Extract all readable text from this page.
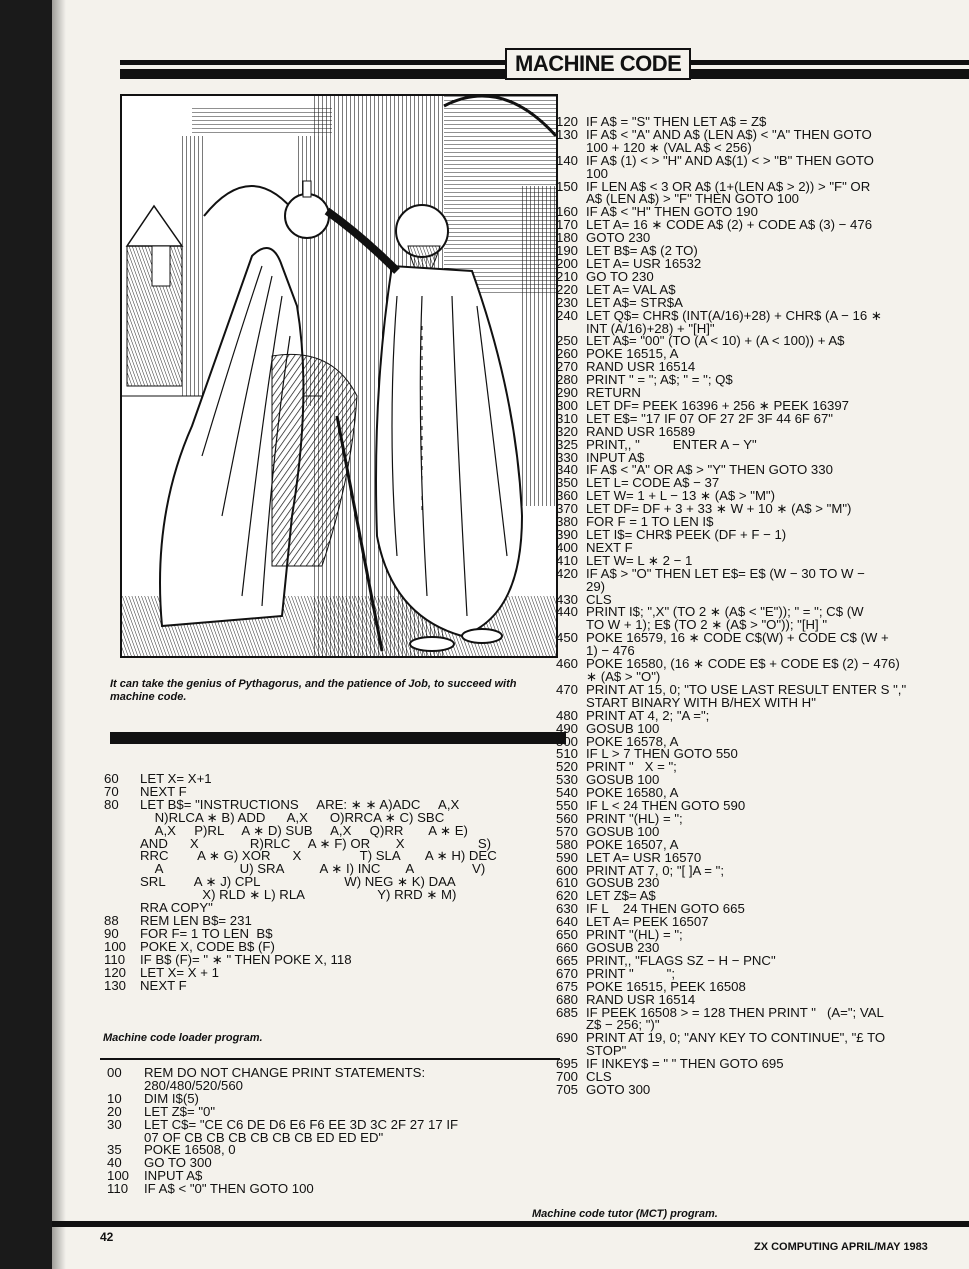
MACHINE CODE
It can take the genius of Pythagorus, and the patience of Job, to succeed with machine code.
60	LET X= X+1
70	NEXT F
80	LET B$= "INSTRUCTIONS     ARE: ∗ ∗ A)ADC     A,X
N)RLCA ∗ B) ADD      A,X      O)RRCA ∗ C) SBC
A,X     P)RL     A ∗ D) SUB     A,X     Q)RR       A ∗ E)
AND      X              R)RLC     A ∗ F) OR       X                    S)
RRC        A ∗ G) XOR      X                T) SLA       A ∗ H) DEC
A                     U) SRA          A ∗ I) INC       A                V)
SRL        A ∗ J) CPL                       W) NEG ∗ K) DAA
X) RLD ∗ L) RLA                    Y) RRD ∗ M)
RRA COPY"
88	REM LEN B$= 231
90	FOR F= 1 TO LEN  B$
100	POKE X, CODE B$ (F)
110	IF B$ (F)= " ∗ " THEN POKE X, 118
120	LET X= X + 1
130	NEXT F
Machine code loader program.
00	REM DO NOT CHANGE PRINT STATEMENTS:
280/480/520/560
10	DIM I$(5)
20	LET Z$= "0"
30	LET C$= "CE C6 DE D6 E6 F6 EE 3D 3C 2F 27 17 IF
07 OF CB CB CB CB CB CB ED ED ED"
35	POKE 16508, 0
40	GO TO 300
100	INPUT A$
110	IF A$ < "0" THEN GOTO 100
120 IF A$ = "S" THEN LET A$ = Z$
130 IF A$ < "A" AND A$ (LEN A$) < "A" THEN GOTO
100 + 120 ∗ (VAL A$ < 256)
140 IF A$ (1) < > "H" AND A$(1) < > "B" THEN GOTO
100
150 IF LEN A$ < 3 OR A$ (1+(LEN A$ > 2)) > "F" OR
A$ (LEN A$) > "F" THEN GOTO 100
160 IF A$ < "H" THEN GOTO 190
170 LET A= 16 ∗ CODE A$ (2) + CODE A$ (3) − 476
180 GOTO 230
190 LET B$= A$ (2 TO)
200 LET A= USR 16532
210 GO TO 230
220 LET A= VAL A$
230 LET A$= STR$A
240 LET Q$= CHR$ (INT(A/16)+28) + CHR$ (A − 16 ∗
INT (A/16)+28) + "[H]"
250 LET A$= "00" (TO (A < 10) + (A < 100)) + A$
260 POKE 16515, A
270 RAND USR 16514
280 PRINT " = "; A$; " = "; Q$
290 RETURN
300 LET DF= PEEK 16396 + 256 ∗ PEEK 16397
310 LET E$= "17 IF 07 OF 27 2F 3F 44 6F 67"
320 RAND USR 16589
325 PRINT,, "         ENTER A − Y"
330 INPUT A$
340 IF A$ < "A" OR A$ > "Y" THEN GOTO 330
350 LET L= CODE A$ − 37
360 LET W= 1 + L − 13 ∗ (A$ > "M")
370 LET DF= DF + 3 + 33 ∗ W + 10 ∗ (A$ > "M")
380 FOR F = 1 TO LEN I$
390 LET I$= CHR$ PEEK (DF + F − 1)
400 NEXT F
410 LET W= L ∗ 2 − 1
420 IF A$ > "O" THEN LET E$= E$ (W − 30 TO W −
29)
430 CLS
440 PRINT I$; ",X" (TO 2 ∗ (A$ < "E")); " = "; C$ (W
TO W + 1); E$ (TO 2 ∗ (A$ > "O")); "[H] "
450 POKE 16579, 16 ∗ CODE C$(W) + CODE C$ (W +
1) − 476
460 POKE 16580, (16 ∗ CODE E$ + CODE E$ (2) − 476)
∗ (A$ > "O")
470 PRINT AT 15, 0; "TO USE LAST RESULT ENTER S ","
START BINARY WITH B/HEX WITH H"
480 PRINT AT 4, 2; "A =";
490 GOSUB 100
500 POKE 16578, A
510 IF L > 7 THEN GOTO 550
520 PRINT "   X = ";
530 GOSUB 100
540 POKE 16580, A
550 IF L < 24 THEN GOTO 590
560 PRINT "(HL) = ";
570 GOSUB 100
580 POKE 16507, A
590 LET A= USR 16570
600 PRINT AT 7, 0; "[ ]A = ";
610 GOSUB 230
620 LET Z$= A$
630 IF L    24 THEN GOTO 665
640 LET A= PEEK 16507
650 PRINT "(HL) = ";
660 GOSUB 230
665 PRINT,, "FLAGS SZ − H − PNC"
670 PRINT "         ";
675 POKE 16515, PEEK 16508
680 RAND USR 16514
685 IF PEEK 16508 > = 128 THEN PRINT "   (A="; VAL
Z$ − 256; ")"
690 PRINT AT 19, 0; "ANY KEY TO CONTINUE", "£ TO
STOP"
695 IF INKEY$ = " " THEN GOTO 695
700 CLS
705 GOTO 300
Machine code tutor (MCT) program.
42
ZX COMPUTING APRIL/MAY 1983
